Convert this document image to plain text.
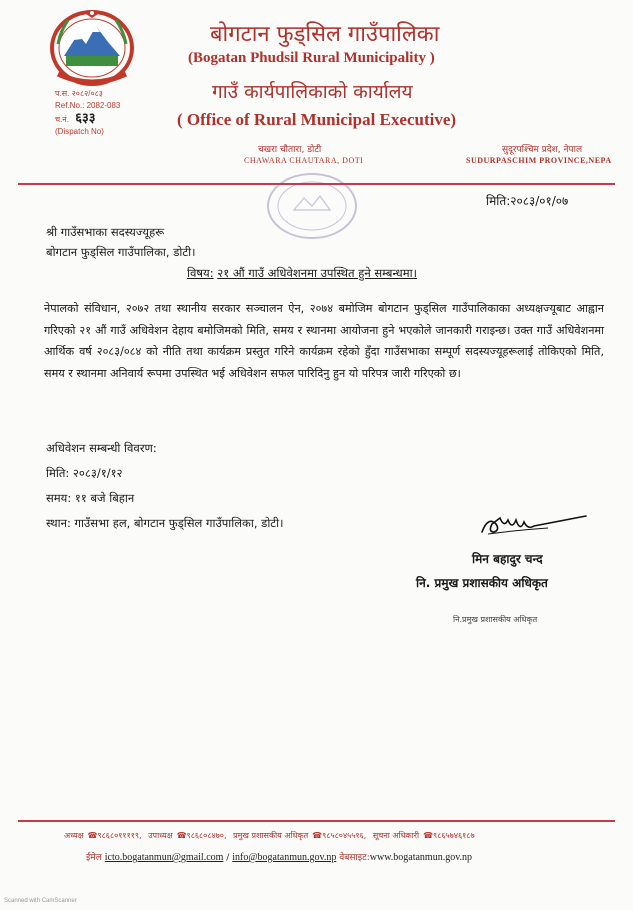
प.स. २०८२/०८३
Ref.No.: 2082-083
च.नं. ६३३
(Dispatch No)
बोगटान फुड्सिल गाउँपालिका
(Bogatan Phudsil Rural Municipality )
गाउँ कार्यपालिकाको कार्यालय
( Office of Rural Municipal Executive)
चखरा चौतारा, डोटी
CHAWARA CHAUTARA, DOTI
सुदूरपश्चिम प्रदेश, नेपाल
SUDURPASCHIM PROVINCE,NEPA
मिति:२०८३/०१/०७
श्री गाउँसभाका सदस्यज्यूहरू
बोगटान फुड्सिल गाउँपालिका, डोटी।
विषय: २१ औं गाउँ अधिवेशनमा उपस्थित हुने सम्बन्धमा।
नेपालको संविधान, २०७२ तथा स्थानीय सरकार सञ्चालन ऐन, २०७४ बमोजिम बोगटान फुड्सिल गाउँपालिकाका अध्यक्षज्यूबाट आह्वान गरिएको २१ औं गाउँ अधिवेशन देहाय बमोजिमको मिति, समय र स्थानमा आयोजना हुने भएकोले जानकारी गराइन्छ। उक्त गाउँ अधिवेशनमा आर्थिक वर्ष २०८३/०८४ को नीति तथा कार्यक्रम प्रस्तुत गरिने कार्यक्रम रहेको हुँदा गाउँसभाका सम्पूर्ण सदस्यज्यूहरूलाई तोकिएको मिति, समय र स्थानमा अनिवार्य रूपमा उपस्थित भई अधिवेशन सफल पारिदिनु हुन यो परिपत्र जारी गरिएको छ।
अधिवेशन सम्बन्धी विवरण:
मिति: २०८३/१/१२
समय: ११ बजे बिहान
स्थान: गाउँसभा हल, बोगटान फुड्सिल गाउँपालिका, डोटी।
मिन बहादुर चन्द
नि. प्रमुख प्रशासकीय अधिकृत
नि.प्रमुख प्रशासकीय अधिकृत
अध्यक्ष ☎९८६८०११११९, उपाध्यक्ष ☎९८६८०८४७०, प्रमुख प्रशासकीय अधिकृत ☎९८५८०४५५१६, सूचना अधिकारी ☎९८६५७४६१८७
ईमेल icto.bogatanmun@gmail.com / info@bogatanmun.gov.np वेबसाइट:www.bogatanmun.gov.np
Scanned with CamScanner
